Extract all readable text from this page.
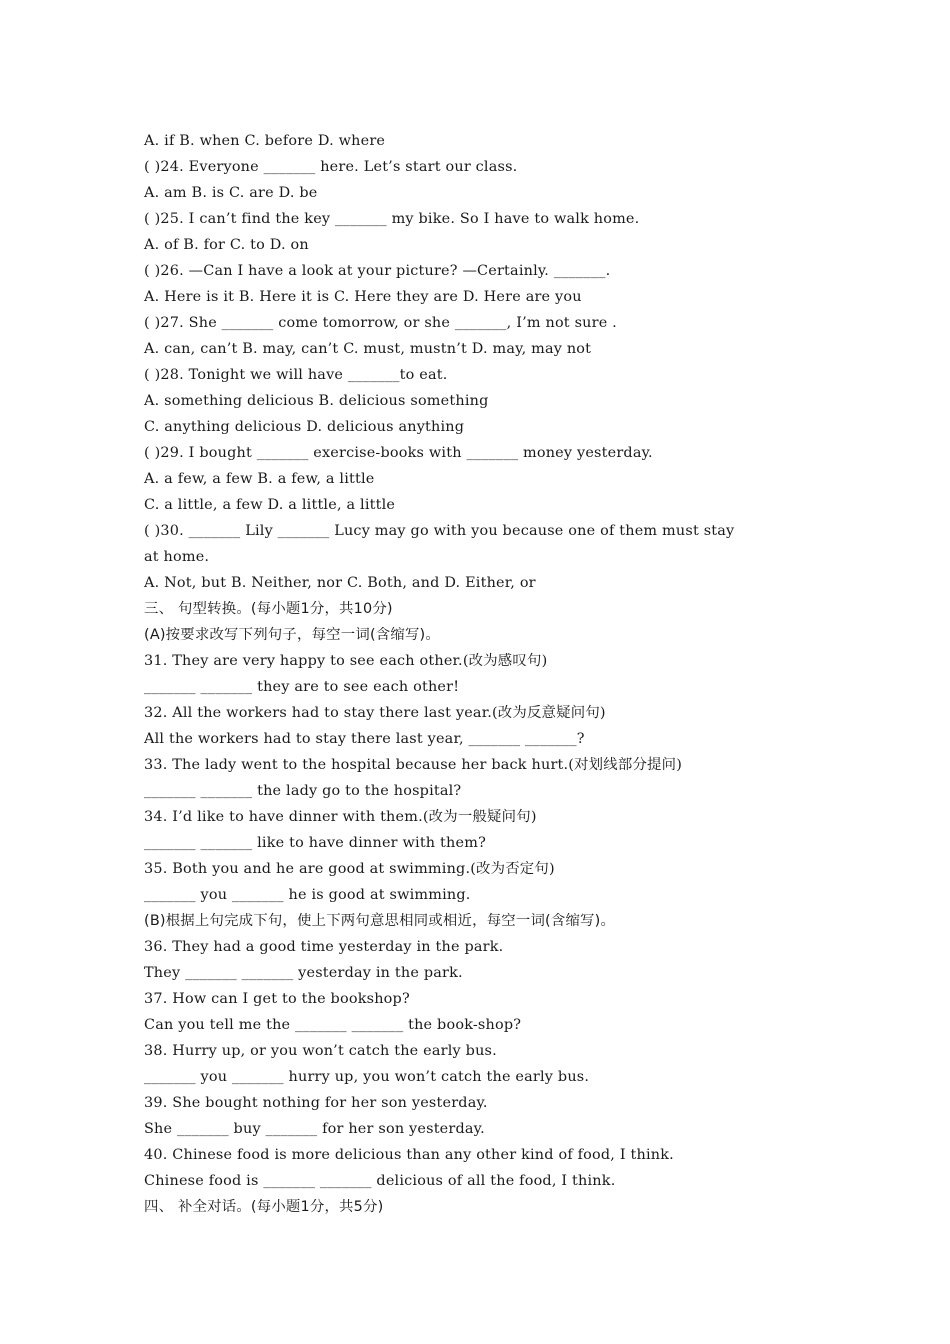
A. if B. when C. before D. where
( )24. Everyone _______ here. Let’s start our class.
A. am B. is C. are D. be
( )25. I can’t find the key _______ my bike. So I have to walk home.
A. of B. for C. to D. on
( )26. —Can I have a look at your picture? —Certainly. _______.
A. Here is it B. Here it is C. Here they are D. Here are you
( )27. She _______ come tomorrow, or she _______, I’m not sure .
A. can, can’t B. may, can’t C. must, mustn’t D. may, may not
( )28. Tonight we will have _______to eat.
A. something delicious B. delicious something
C. anything delicious D. delicious anything
( )29. I bought _______ exercise-books with _______ money yesterday.
A. a few, a few B. a few, a little
C. a little, a few D. a little, a little
( )30. _______ Lily _______ Lucy may go with you because one of them must stay
at home.
A. Not, but B. Neither, nor C. Both, and D. Either, or
三、 句型转换。(每小题1分，共10分)
(A)按要求改写下列句子，每空一词(含缩写)。
31. They are very happy to see each other.(改为感叹句)
_______ _______ they are to see each other!
32. All the workers had to stay there last year.(改为反意疑问句)
All the workers had to stay there last year, _______ _______?
33. The lady went to the hospital because her back hurt.(对划线部分提问)
_______ _______ the lady go to the hospital?
34. I’d like to have dinner with them.(改为一般疑问句)
_______ _______ like to have dinner with them?
35. Both you and he are good at swimming.(改为否定句)
_______ you _______ he is good at swimming.
(B)根据上句完成下句，使上下两句意思相同或相近，每空一词(含缩写)。
36. They had a good time yesterday in the park.
They _______ _______ yesterday in the park.
37. How can I get to the bookshop?
Can you tell me the _______ _______ the book-shop?
38. Hurry up, or you won’t catch the early bus.
_______ you _______ hurry up, you won’t catch the early bus.
39. She bought nothing for her son yesterday.
She _______ buy _______ for her son yesterday.
40. Chinese food is more delicious than any other kind of food, I think.
Chinese food is _______ _______ delicious of all the food, I think.
四、 补全对话。(每小题1分，共5分)
